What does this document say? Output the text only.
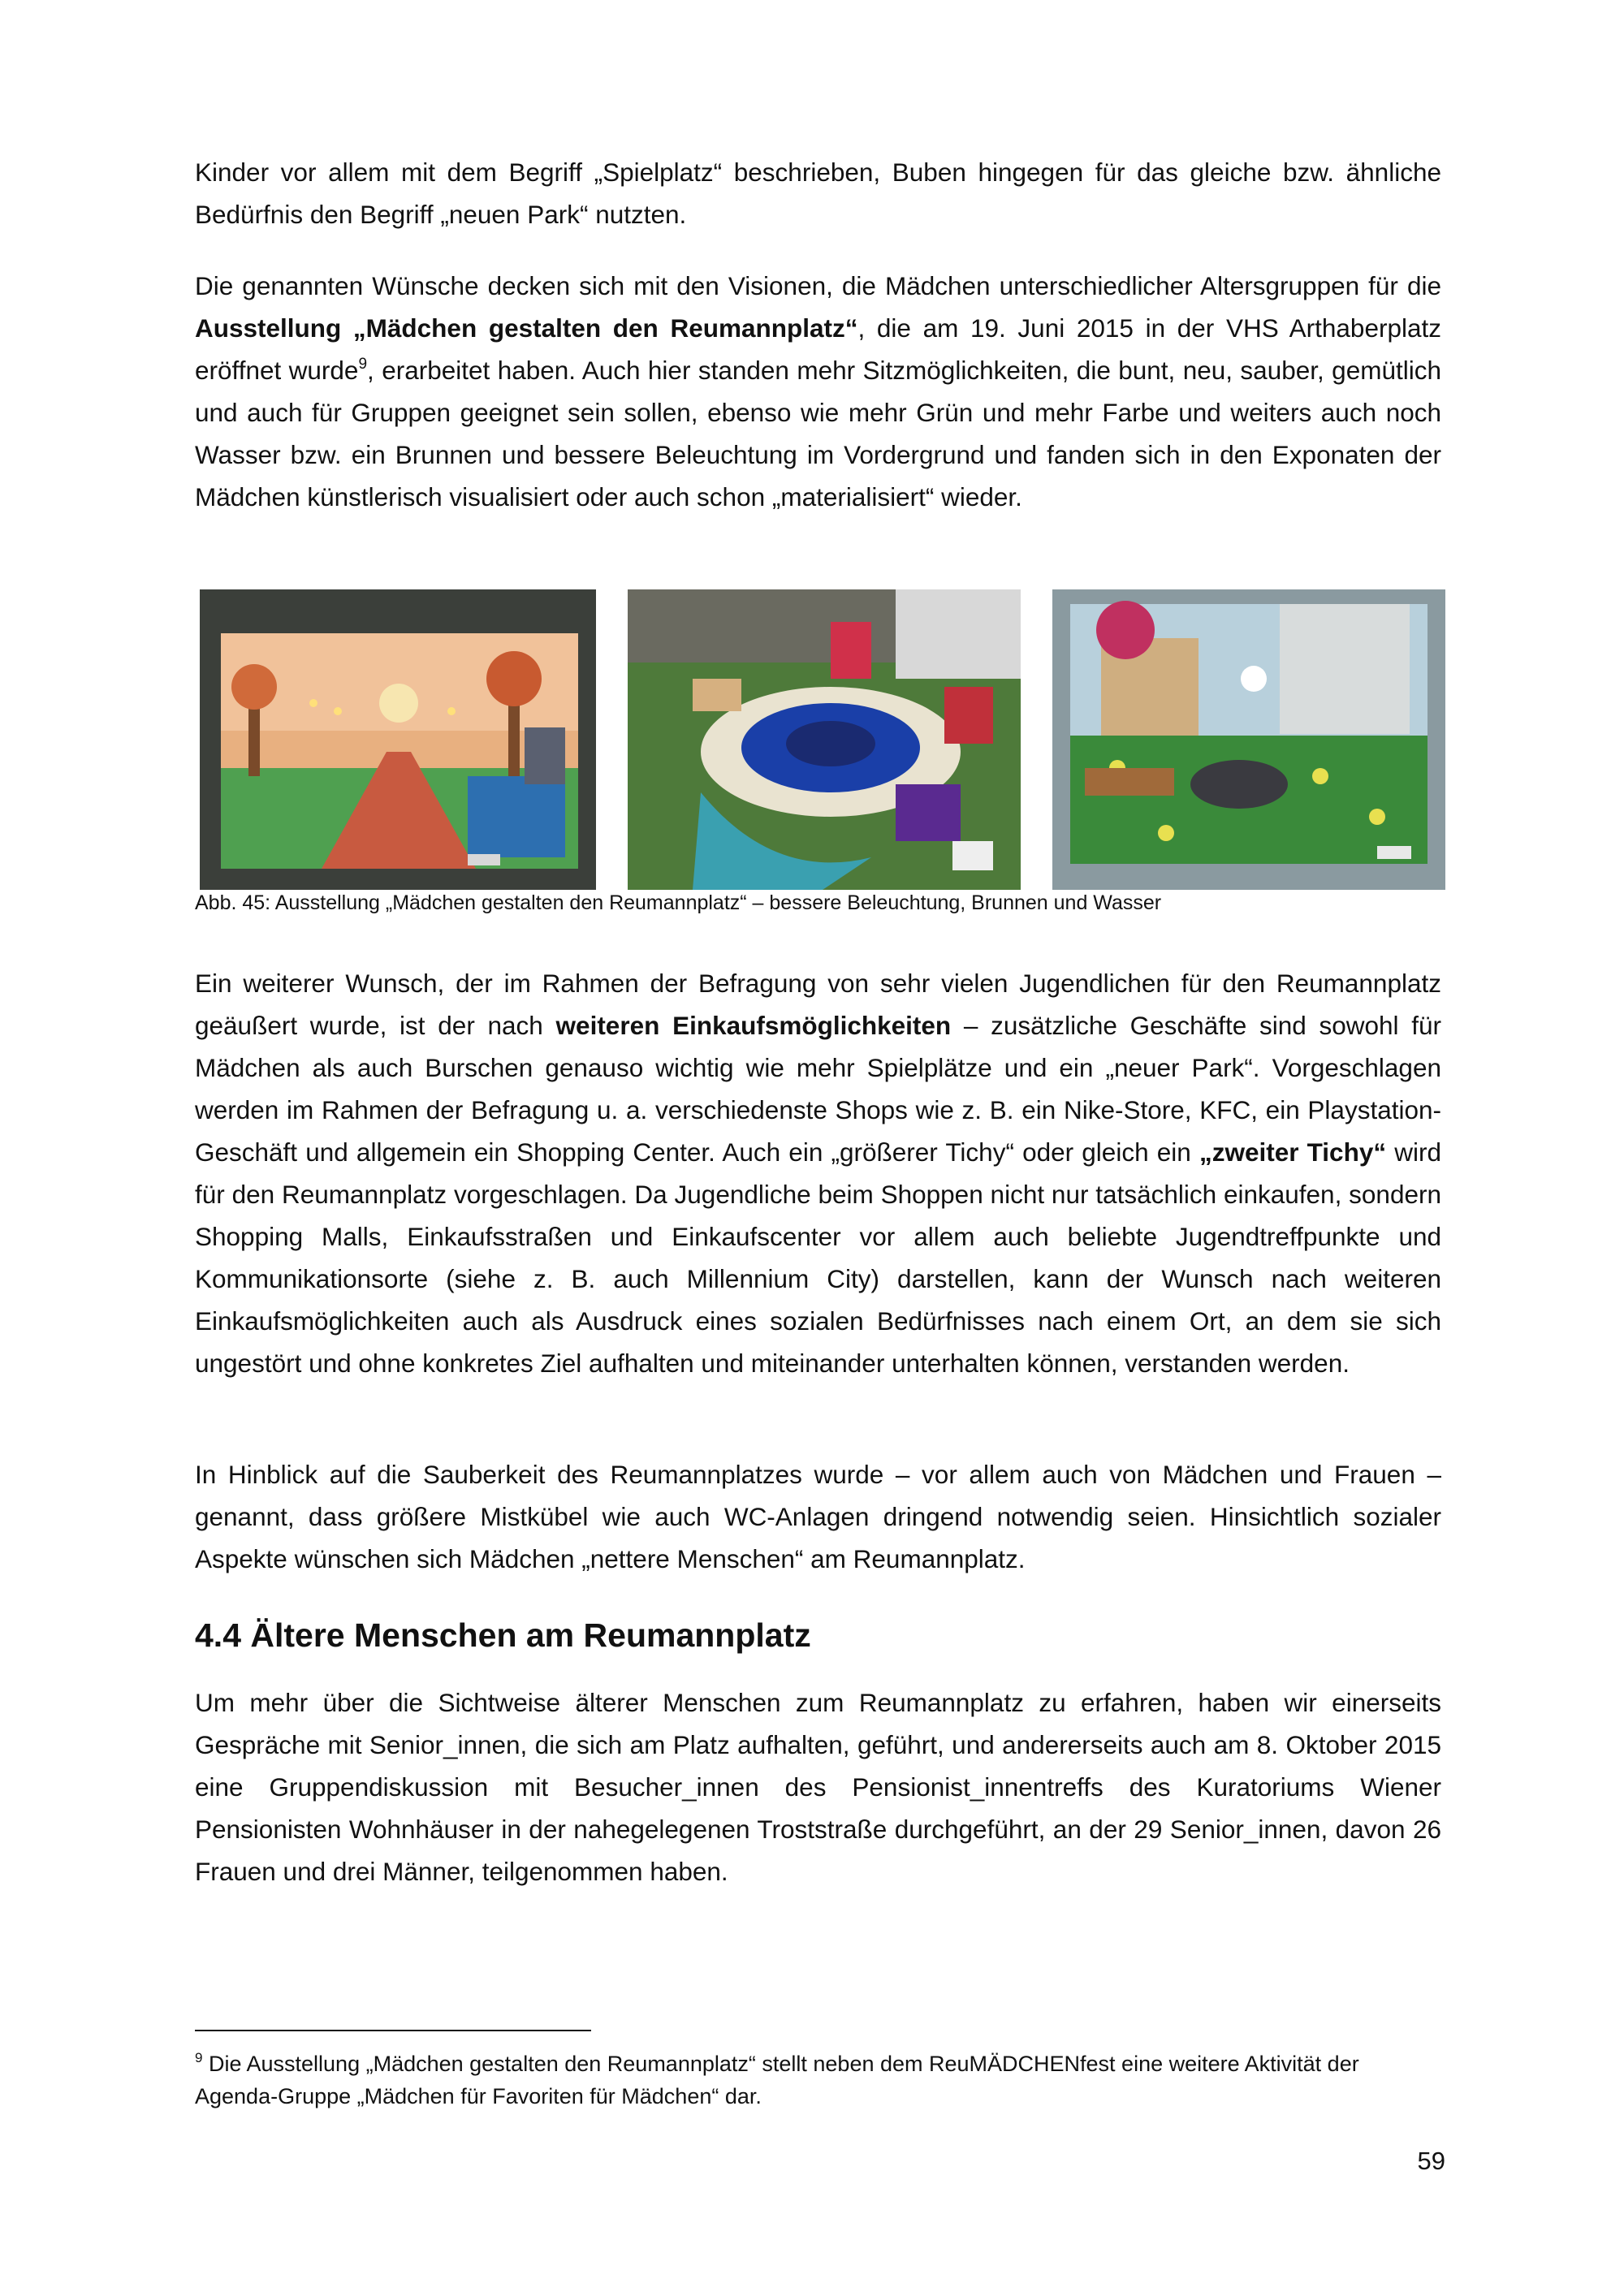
Kinder vor allem mit dem Begriff „Spielplatz“ beschrieben, Buben hingegen für das gleiche bzw. ähnliche Bedürfnis den Begriff „neuen Park“ nutzten.

Die genannten Wünsche decken sich mit den Visionen, die Mädchen unterschiedlicher Altersgruppen für die Ausstellung „Mädchen gestalten den Reumannplatz“, die am 19. Juni 2015 in der VHS Arthaberplatz eröffnet wurde$^9$, erarbeitet haben. Auch hier standen mehr Sitzmöglichkeiten, die bunt, neu, sauber, gemütlich und auch für Gruppen geeignet sein sollen, ebenso wie mehr Grün und mehr Farbe und weiters auch noch Wasser bzw. ein Brunnen und bessere Beleuchtung im Vordergrund und fanden sich in den Exponaten der Mädchen künstlerisch visualisiert oder auch schon „materialisiert“ wieder.

Abb. 45: Ausstellung „Mädchen gestalten den Reumannplatz“ – bessere Beleuchtung, Brunnen und Wasser

Ein weiterer Wunsch, der im Rahmen der Befragung von sehr vielen Jugendlichen für den Reumannplatz geäußert wurde, ist der nach weiteren Einkaufsmöglichkeiten – zusätzliche Geschäfte sind sowohl für Mädchen als auch Burschen genauso wichtig wie mehr Spielplätze und ein „neuer Park“. Vorgeschlagen werden im Rahmen der Befragung u. a. verschiedenste Shops wie z. B. ein Nike-Store, KFC, ein Playstation-Geschäft und allgemein ein Shopping Center. Auch ein „größerer Tichy“ oder gleich ein „zweiter Tichy“ wird für den Reumannplatz vorgeschlagen. Da Jugendliche beim Shoppen nicht nur tatsächlich einkaufen, sondern Shopping Malls, Einkaufsstraßen und Einkaufscenter vor allem auch beliebte Jugendtreffpunkte und Kommunikationsorte (siehe z. B. auch Millennium City) darstellen, kann der Wunsch nach weiteren Einkaufsmöglichkeiten auch als Ausdruck eines sozialen Bedürfnisses nach einem Ort, an dem sie sich ungestört und ohne konkretes Ziel aufhalten und miteinander unterhalten können, verstanden werden.

In Hinblick auf die Sauberkeit des Reumannplatzes wurde – vor allem auch von Mädchen und Frauen – genannt, dass größere Mistkübel wie auch WC-Anlagen dringend notwendig seien. Hinsichtlich sozialer Aspekte wünschen sich Mädchen „nettere Menschen“ am Reumannplatz.

4.4 Ältere Menschen am Reumannplatz

Um mehr über die Sichtweise älterer Menschen zum Reumannplatz zu erfahren, haben wir einerseits Gespräche mit Senior_innen, die sich am Platz aufhalten, geführt, und andererseits auch am 8. Oktober 2015 eine Gruppendiskussion mit Besucher_innen des Pensionist_innentreffs des Kuratoriums Wiener Pensionisten Wohnhäuser in der nahegelegenen Troststraße durchgeführt, an der 29 Senior_innen, davon 26 Frauen und drei Männer, teilgenommen haben.

$^9$ Die Ausstellung „Mädchen gestalten den Reumannplatz“ stellt neben dem ReuMÄDCHENfest eine weitere Aktivität der Agenda-Gruppe „Mädchen für Favoriten für Mädchen“ dar.

59
